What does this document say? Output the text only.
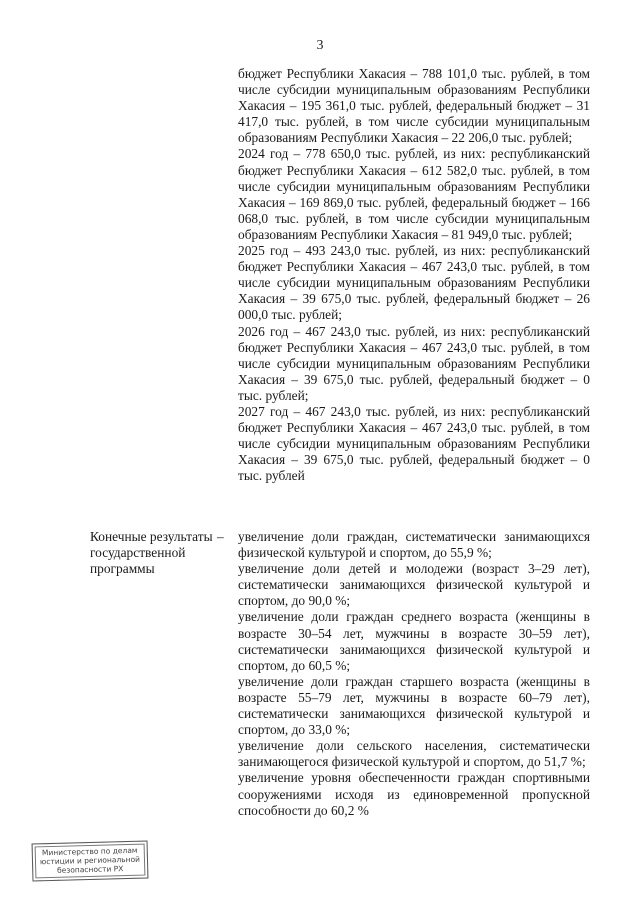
3

бюджет Республики Хакасия – 788 101,0 тыс. рублей, в том числе субсидии муниципальным образованиям Республики Хакасия – 195 361,0 тыс. рублей, федеральный бюджет – 31 417,0 тыс. рублей, в том числе субсидии муниципальным образованиям Республики Хакасия – 22 206,0 тыс. рублей;

2024 год – 778 650,0 тыс. рублей, из них: республиканский бюджет Республики Хакасия – 612 582,0 тыс. рублей, в том числе субсидии муниципальным образованиям Республики Хакасия – 169 869,0 тыс. рублей, федеральный бюджет – 166 068,0 тыс. рублей, в том числе субсидии муниципальным образованиям Республики Хакасия – 81 949,0 тыс. рублей;

2025 год – 493 243,0 тыс. рублей, из них: республиканский бюджет Республики Хакасия – 467 243,0 тыс. рублей, в том числе субсидии муниципальным образованиям Республики Хакасия – 39 675,0 тыс. рублей, федеральный бюджет – 26 000,0 тыс. рублей;

2026 год – 467 243,0 тыс. рублей, из них: республиканский бюджет Республики Хакасия – 467 243,0 тыс. рублей, в том числе субсидии муниципальным образованиям Республики Хакасия – 39 675,0 тыс. рублей, федеральный бюджет – 0 тыс. рублей;

2027 год – 467 243,0 тыс. рублей, из них: республиканский бюджет Республики Хакасия – 467 243,0 тыс. рублей, в том числе субсидии муниципальным образованиям Республики Хакасия – 39 675,0 тыс. рублей, федеральный бюджет – 0 тыс. рублей

Конечные результаты государственной программы
– увеличение доли граждан, систематически занимающихся физической культурой и спортом, до 55,9 %;

увеличение доли детей и молодежи (возраст 3–29 лет), систематически занимающихся физической культурой и спортом, до 90,0 %;

увеличение доли граждан среднего возраста (женщины в возрасте 30–54 лет, мужчины в возрасте 30–59 лет), систематически занимающихся физической культурой и спортом, до 60,5 %;

увеличение доли граждан старшего возраста (женщины в возрасте 55–79 лет, мужчины в возрасте 60–79 лет), систематически занимающихся физической культурой и спортом, до 33,0 %;

увеличение доли сельского населения, систематически занимающегося физической культурой и спортом, до 51,7 %;

увеличение уровня обеспеченности граждан спортивными сооружениями исходя из единовременной пропускной способности до 60,2 %

Министерство по делам
юстиции и региональной
безопасности РХ
